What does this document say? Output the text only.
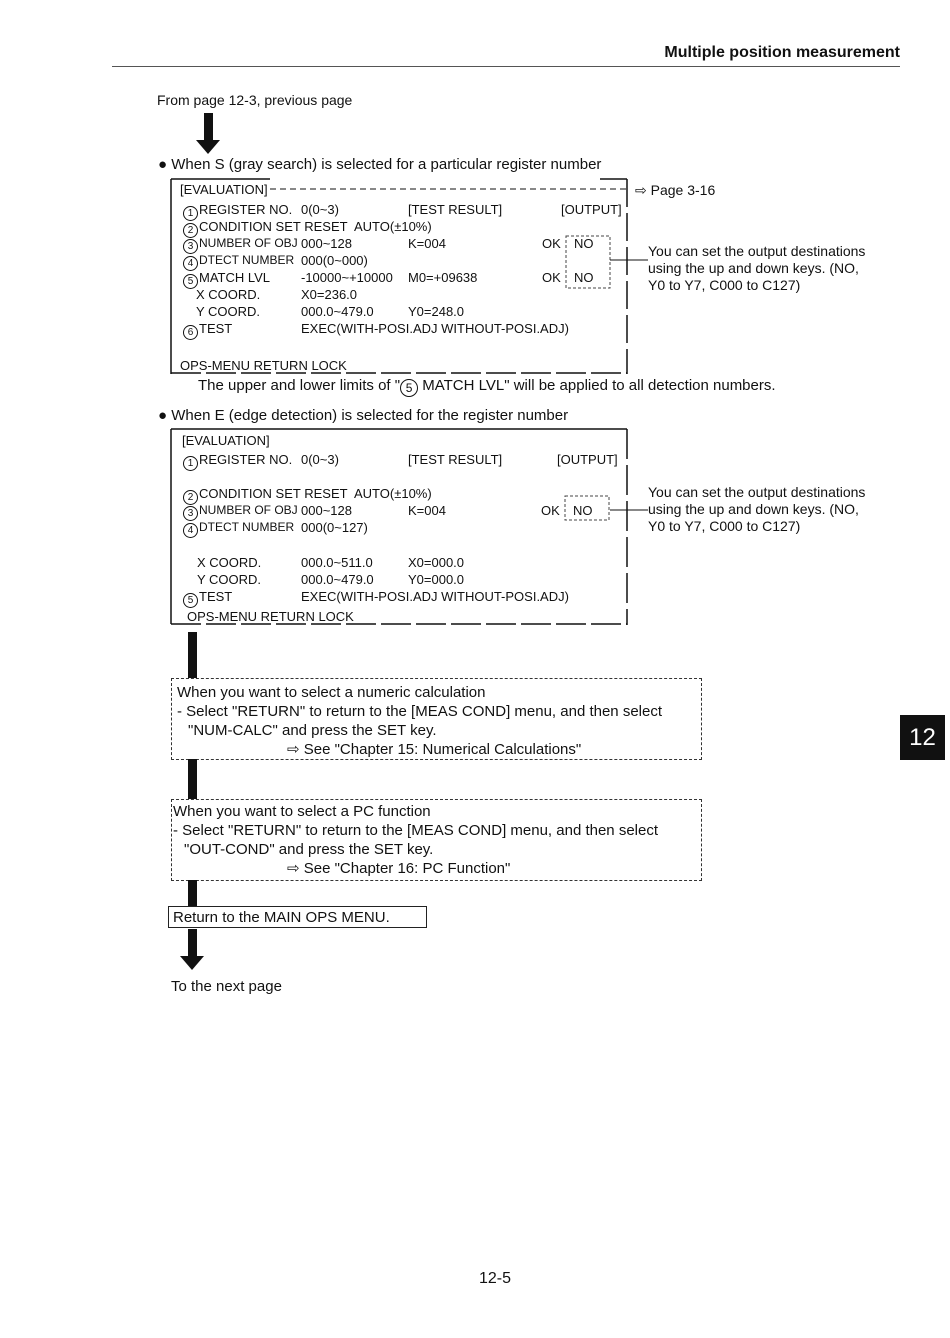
Multiple position measurement
From page 12-3, previous page
● When S (gray search) is selected for a particular register number
[EVALUATION]
1 REGISTER NO. 0(0~3)	[TEST RESULT]	[OUTPUT]
2 CONDITION SET RESET AUTO(±10%)
3 NUMBER OF OBJ 000~128	K=004	OK NO
4 DTECT NUMBER 000(0~000)
5 MATCH LVL -10000~+10000 M0=+09638	OK NO
X COORD.	X0=236.0
Y COORD.	000.0~479.0	Y0=248.0
6 TEST	EXEC(WITH-POSI.ADJ WITHOUT-POSI.ADJ)
OPS-MENU RETURN LOCK
⇨ Page 3-16
You can set the output destinations
using the up and down keys. (NO,
Y0 to Y7, C000 to C127)
The upper and lower limits of " 5 MATCH LVL" will be applied to all detection numbers.
● When E (edge detection) is selected for the register number
[EVALUATION]
1 REGISTER NO. 0(0~3)	[TEST RESULT]	[OUTPUT]
2 CONDITION SET RESET AUTO(±10%)
3 NUMBER OF OBJ 000~128	K=004	OK NO
4 DTECT NUMBER 000(0~127)
X COORD.	000.0~511.0	X0=000.0
Y COORD.	000.0~479.0	Y0=000.0
5 TEST	EXEC(WITH-POSI.ADJ WITHOUT-POSI.ADJ)
OPS-MENU RETURN LOCK
You can set the output destinations
using the up and down keys. (NO,
Y0 to Y7, C000 to C127)
When you want to select a numeric calculation
- Select "RETURN" to return to the [MEAS COND] menu, and then select
"NUM-CALC" and press the SET key.
⇨ See "Chapter 15: Numerical Calculations"
When you want to select a PC function
- Select "RETURN" to return to the [MEAS COND] menu, and then select
"OUT-COND" and press the SET key.
⇨ See "Chapter 16: PC Function"
Return to the MAIN OPS MENU.
To the next page
12
12-5
